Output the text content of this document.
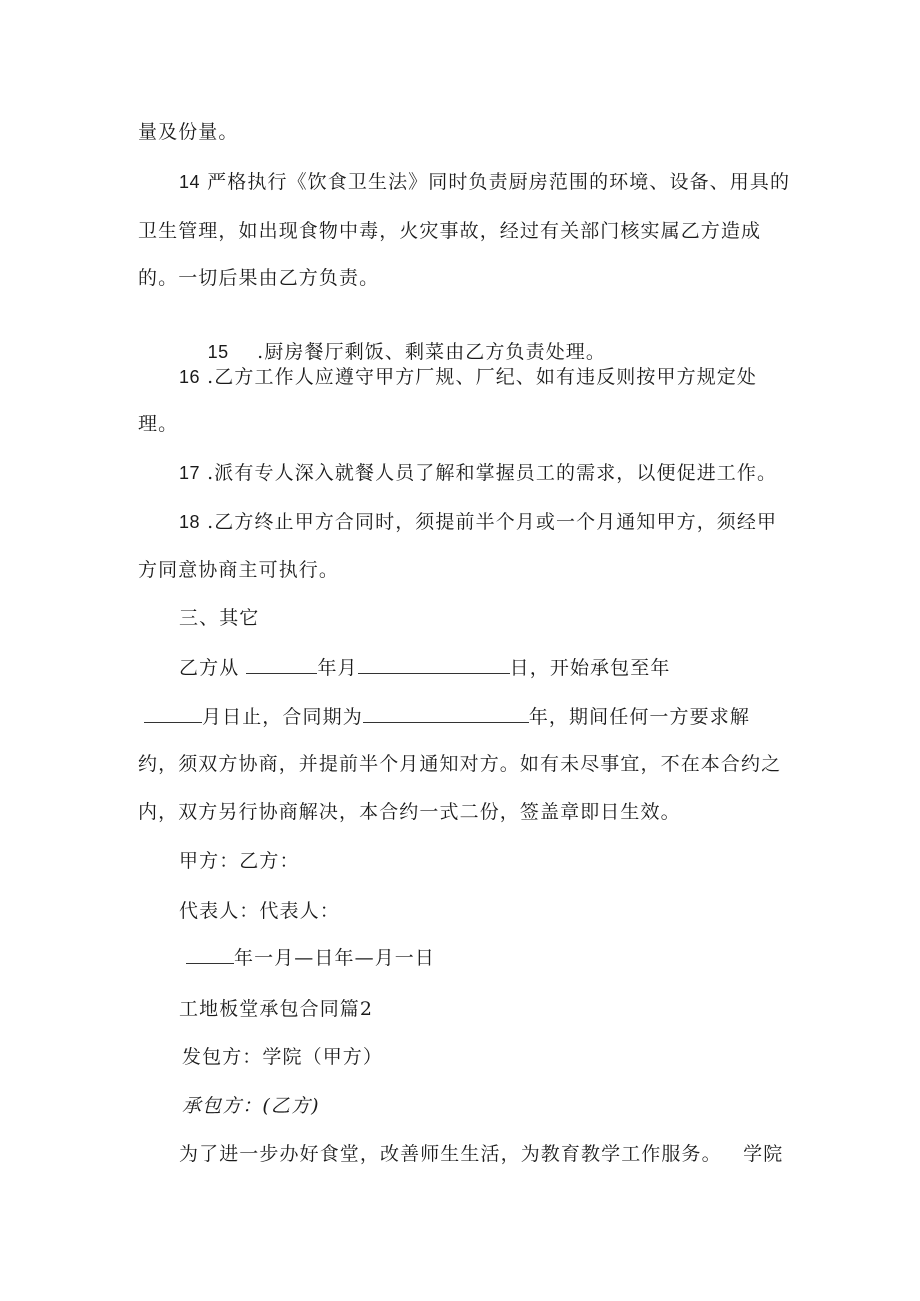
量及份量。
14 严格执行《饮食卫生法》同时负责厨房范围的环境、设备、用具的
卫生管理，如出现食物中毒，火灾事故，经过有关部门核实属乙方造成
的。一切后果由乙方负责。

15    .厨房餐厅剩饭、剩菜由乙方负责处理。

16 .乙方工作人应遵守甲方厂规、厂纪、如有违反则按甲方规定处
理。
17 .派有专人深入就餐人员了解和掌握员工的需求，以便促进工作。
18 .乙方终止甲方合同时，须提前半个月或一个月通知甲方，须经甲
方同意协商主可执行。
三、其它
乙方从	年月	日，开始承包至年
月日止，合同期为	年，期间任何一方要求解
约，须双方协商，并提前半个月通知对方。如有未尽事宜，不在本合约之
内，双方另行协商解决，本合约一式二份，签盖章即日生效。
甲方：乙方：
代表人：代表人：
年一月—日年—月一日
工地板堂承包合同篇2
发包方：学院（甲方）
承包方：(乙方)
为了进一步办好食堂，改善师生生活，为教育教学工作服务。   学院
